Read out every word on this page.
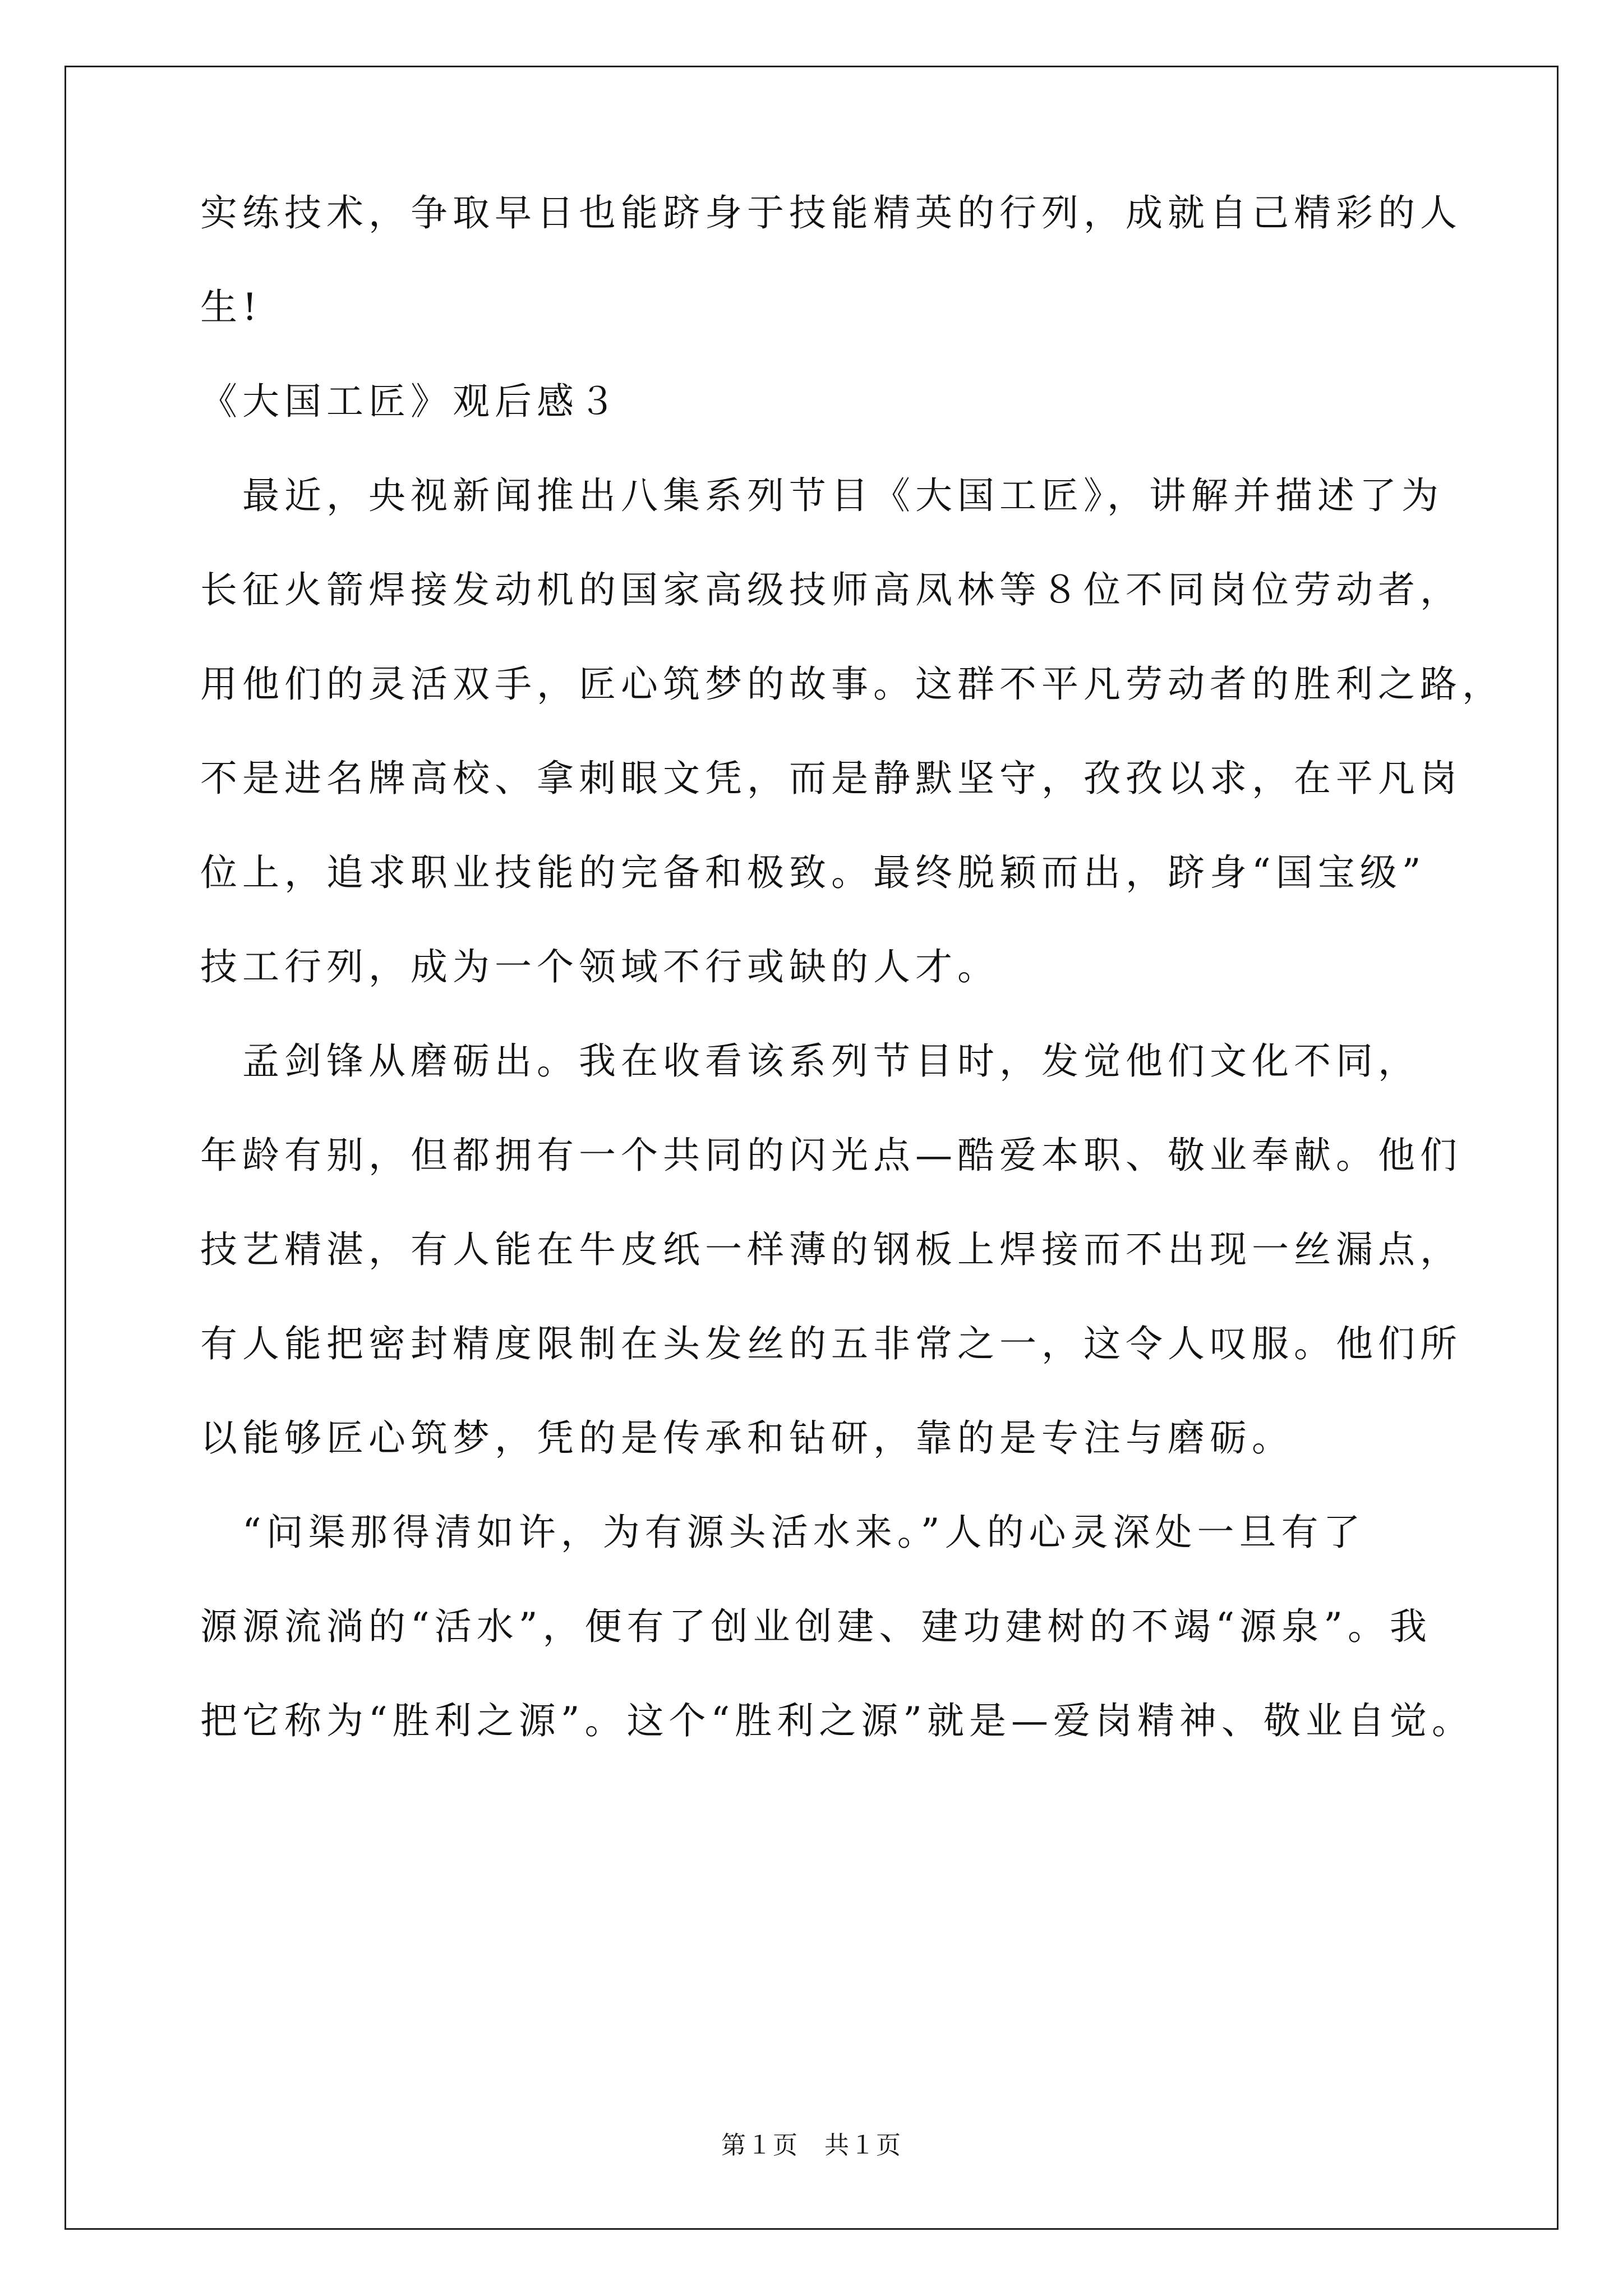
实练技术，争取早日也能跻身于技能精英的行列，成就自己精彩的人
生!
《大国工匠》观后感３
　最近，央视新闻推出八集系列节目《大国工匠》，讲解并描述了为
长征火箭焊接发动机的国家高级技师高凤林等８位不同岗位劳动者，
用他们的灵活双手，匠心筑梦的故事。这群不平凡劳动者的胜利之路，
不是进名牌高校、拿刺眼文凭，而是静默坚守，孜孜以求，在平凡岗
位上，追求职业技能的完备和极致。最终脱颖而出，跻身“国宝级”
技工行列，成为一个领域不行或缺的人才。
　孟剑锋从磨砺出。我在收看该系列节目时，发觉他们文化不同，
年龄有别，但都拥有一个共同的闪光点—酷爱本职、敬业奉献。他们
技艺精湛，有人能在牛皮纸一样薄的钢板上焊接而不出现一丝漏点，
有人能把密封精度限制在头发丝的五非常之一，这令人叹服。他们所
以能够匠心筑梦，凭的是传承和钻研，靠的是专注与磨砺。
　“问渠那得清如许，为有源头活水来。”人的心灵深处一旦有了
源源流淌的“活水”，便有了创业创建、建功建树的不竭“源泉”。我
把它称为“胜利之源”。这个“胜利之源”就是—爱岗精神、敬业自觉。
第１页　共１页
